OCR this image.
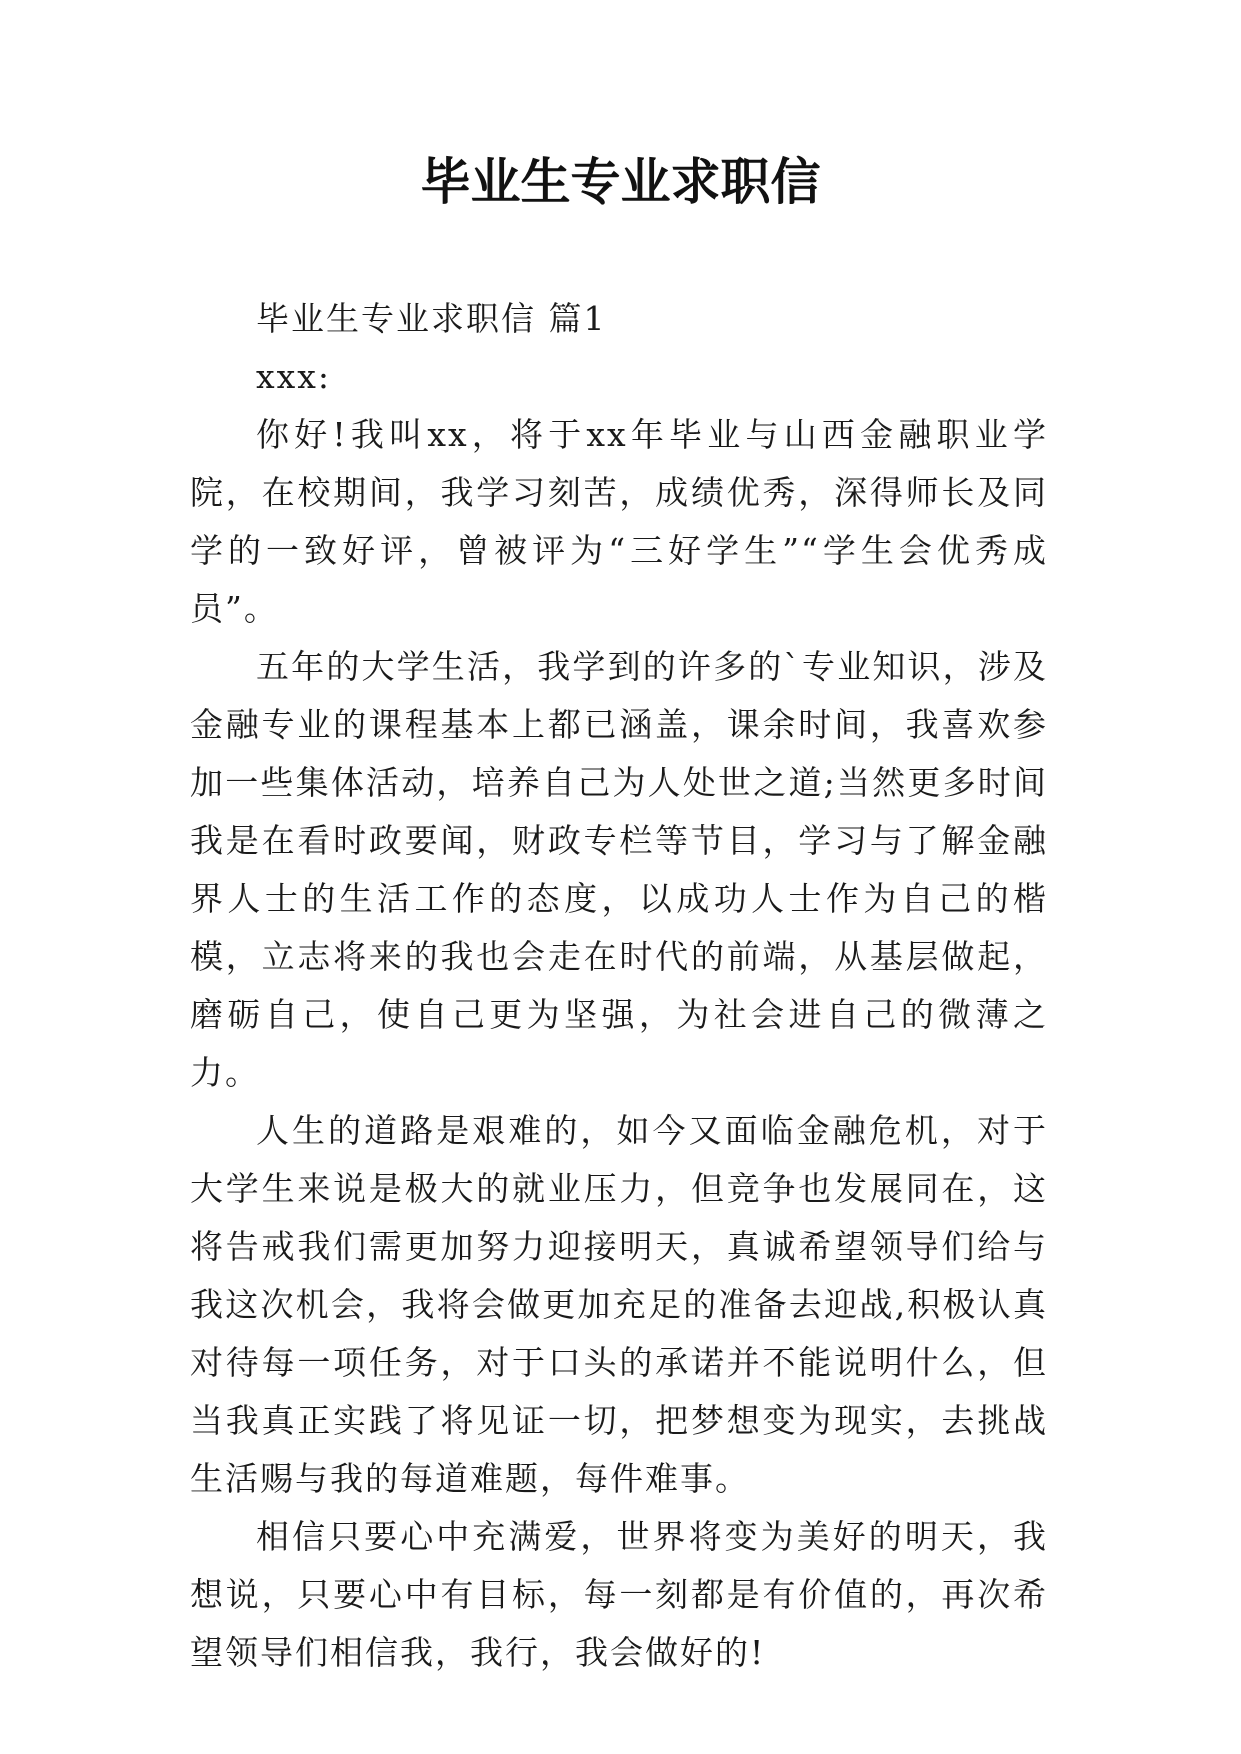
毕业生专业求职信

毕业生专业求职信 篇1

xxx:

你好!我叫xx，将于xx年毕业与山西金融职业学院，在校期间，我学习刻苦，成绩优秀，深得师长及同学的一致好评，曾被评为“三好学生”“学生会优秀成员”。

五年的大学生活，我学到的许多的`专业知识，涉及金融专业的课程基本上都已涵盖，课余时间，我喜欢参加一些集体活动，培养自己为人处世之道;当然更多时间我是在看时政要闻，财政专栏等节目，学习与了解金融界人士的生活工作的态度，以成功人士作为自己的楷模，立志将来的我也会走在时代的前端，从基层做起，磨砺自己，使自己更为坚强，为社会进自己的微薄之力。

人生的道路是艰难的，如今又面临金融危机，对于大学生来说是极大的就业压力，但竞争也发展同在，这将告戒我们需更加努力迎接明天，真诚希望领导们给与我这次机会，我将会做更加充足的准备去迎战,积极认真对待每一项任务，对于口头的承诺并不能说明什么，但当我真正实践了将见证一切，把梦想变为现实，去挑战生活赐与我的每道难题，每件难事。

相信只要心中充满爱，世界将变为美好的明天，我想说，只要心中有目标，每一刻都是有价值的，再次希望领导们相信我，我行，我会做好的!
